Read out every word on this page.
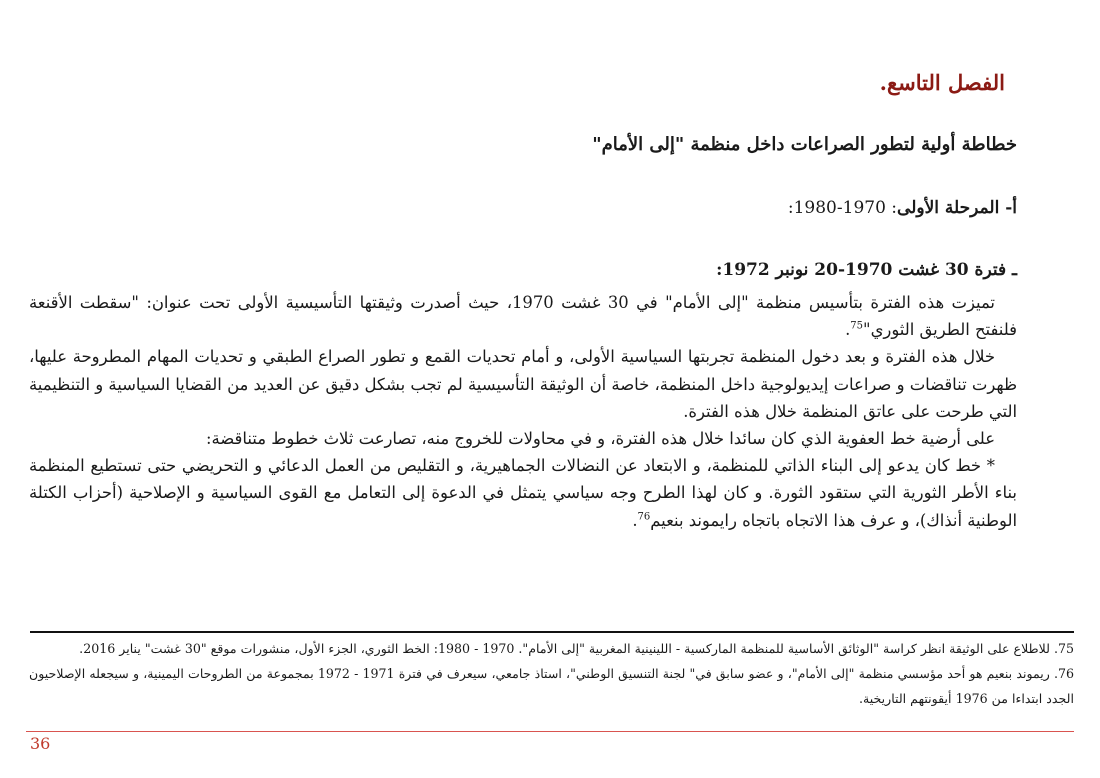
الفصل التاسع.
خطاطة أولية لتطور الصراعات داخل منظمة "إلى الأمام"
أ- المرحلة الأولى: 1970-1980:
ـ فترة 30 غشت 1970-20 نونبر 1972:

تميزت هذه الفترة بتأسيس منظمة "إلى الأمام" في 30 غشت 1970، حيث أصدرت وثيقتها التأسيسية الأولى تحت عنوان: "سقطت الأقنعة فلنفتح الطريق الثوري"$^{75}$.

خلال هذه الفترة و بعد دخول المنظمة تجربتها السياسية الأولى، و أمام تحديات القمع و تطور الصراع الطبقي و تحديات المهام المطروحة عليها، ظهرت تناقضات و صراعات إيديولوجية داخل المنظمة، خاصة أن الوثيقة التأسيسية لم تجب بشكل دقيق عن العديد من القضايا السياسية و التنظيمية التي طرحت على عاتق المنظمة خلال هذه الفترة.

على أرضية خط العفوية الذي كان سائدا خلال هذه الفترة، و في محاولات للخروج منه، تصارعت ثلاث خطوط متناقضة:

* خط كان يدعو إلى البناء الذاتي للمنظمة، و الابتعاد عن النضالات الجماهيرية، و التقليص من العمل الدعائي و التحريضي حتى تستطيع المنظمة بناء الأطر الثورية التي ستقود الثورة. و كان لهذا الطرح وجه سياسي يتمثل في الدعوة إلى التعامل مع القوى السياسية و الإصلاحية (أحزاب الكتلة الوطنية أنذاك)، و عرف هذا الاتجاه باتجاه رايموند بنعيم$^{76}$.

75. للاطلاع على الوثيقة انظر كراسة "الوثائق الأساسية للمنظمة الماركسية - اللينينية المغربية "إلى الأمام". 1970 - 1980: الخط الثوري، الجزء الأول، منشورات موقع "30 غشت" يناير 2016.

76. ريموند بنعيم هو أحد مؤسسي منظمة "إلى الأمام"، و عضو سابق في" لجنة التنسيق الوطني"، استاذ جامعي، سيعرف في فترة 1971 - 1972 بمجموعة من الطروحات اليمينية، و سيجعله الإصلاحيون الجدد ابتداءا من 1976 أيقونتهم التاريخية.

36
